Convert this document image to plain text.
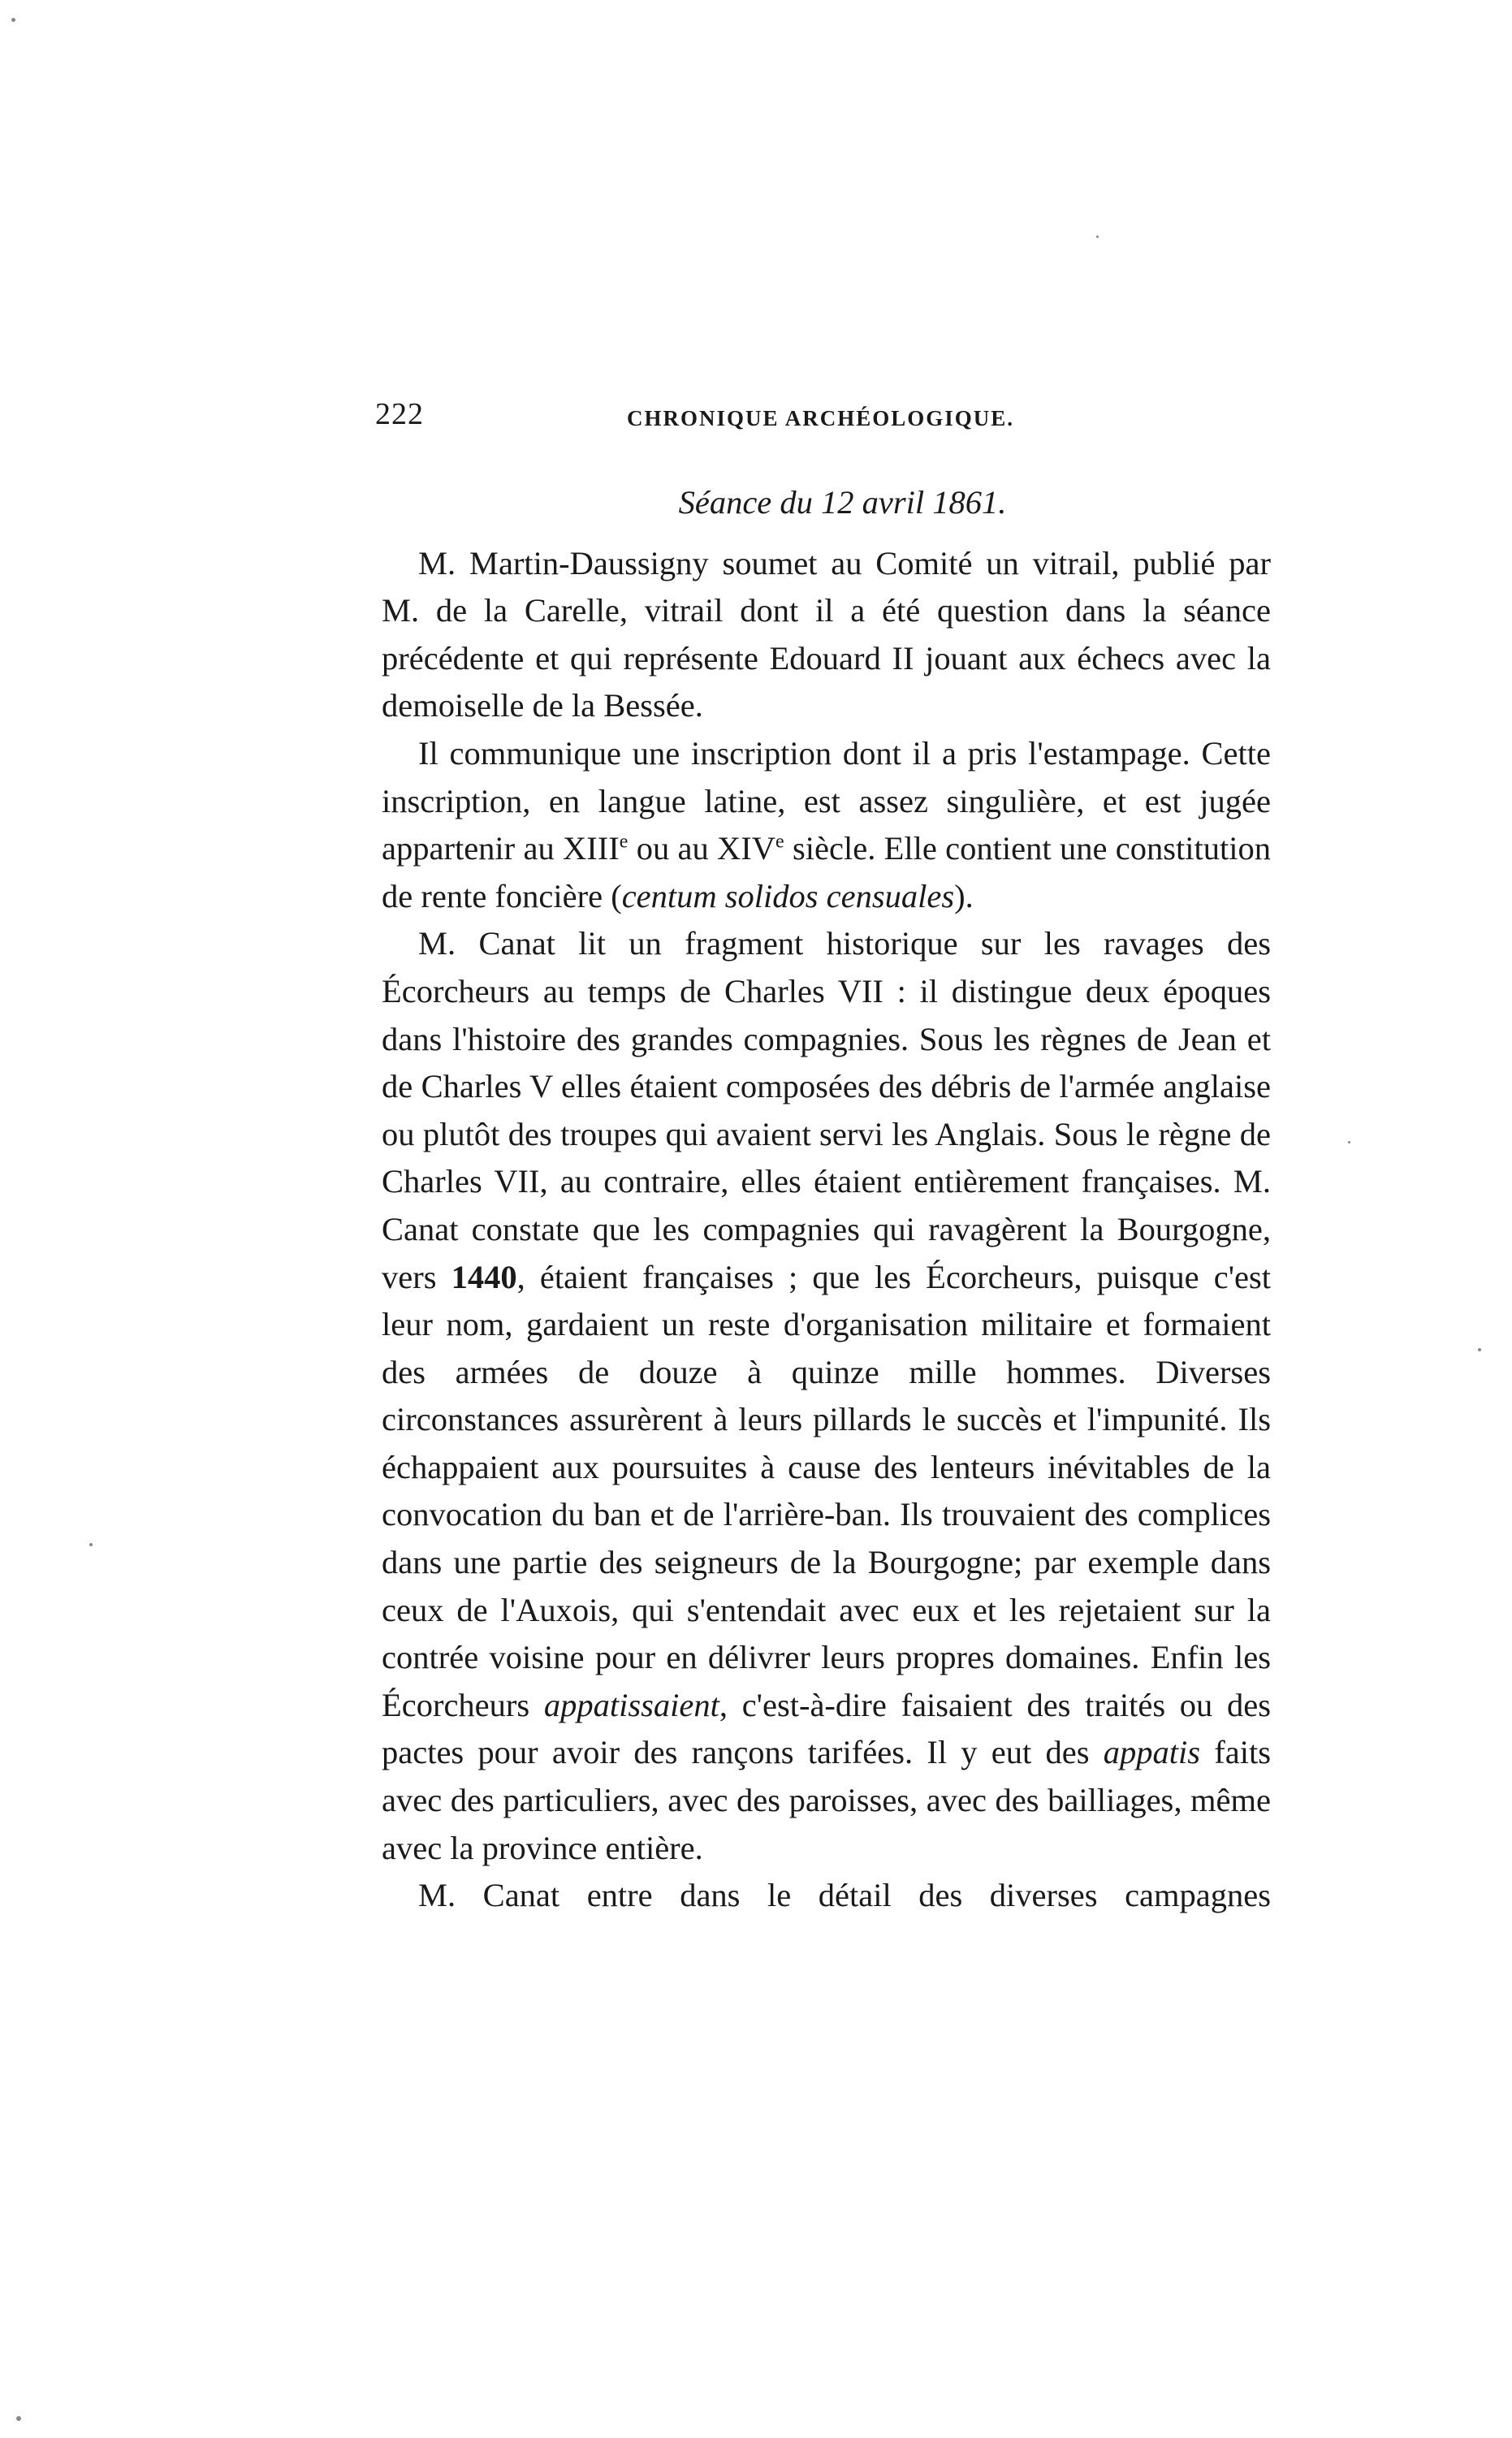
222	CHRONIQUE ARCHÉOLOGIQUE.
Séance du 12 avril 1861.

M. Martin-Daussigny soumet au Comité un vitrail, publié par M. de la Carelle, vitrail dont il a été question dans la séance précédente et qui représente Edouard II jouant aux échecs avec la demoiselle de la Bessée.

Il communique une inscription dont il a pris l'estampage. Cette inscription, en langue latine, est assez singulière, et est jugée appartenir au XIIIe ou au XIVe siècle. Elle contient une constitution de rente foncière (centum solidos censuales).

M. Canat lit un fragment historique sur les ravages des Écorcheurs au temps de Charles VII : il distingue deux époques dans l'histoire des grandes compagnies. Sous les règnes de Jean et de Charles V elles étaient composées des débris de l'armée anglaise ou plutôt des troupes qui avaient servi les Anglais. Sous le règne de Charles VII, au contraire, elles étaient entièrement françaises. M. Canat constate que les compagnies qui ravagèrent la Bourgogne, vers 1440, étaient françaises ; que les Écorcheurs, puisque c'est leur nom, gardaient un reste d'organisation militaire et formaient des armées de douze à quinze mille hommes. Diverses circonstances assurèrent à leurs pillards le succès et l'impunité. Ils échappaient aux poursuites à cause des lenteurs inévitables de la convocation du ban et de l'arrière-ban. Ils trouvaient des complices dans une partie des seigneurs de la Bourgogne; par exemple dans ceux de l'Auxois, qui s'entendait avec eux et les rejetaient sur la contrée voisine pour en délivrer leurs propres domaines. Enfin les Écorcheurs appatissaient, c'est-à-dire faisaient des traités ou des pactes pour avoir des rançons tarifées. Il y eut des appatis faits avec des particuliers, avec des paroisses, avec des bailliages, même avec la province entière.

M. Canat entre dans le détail des diverses campagnes
